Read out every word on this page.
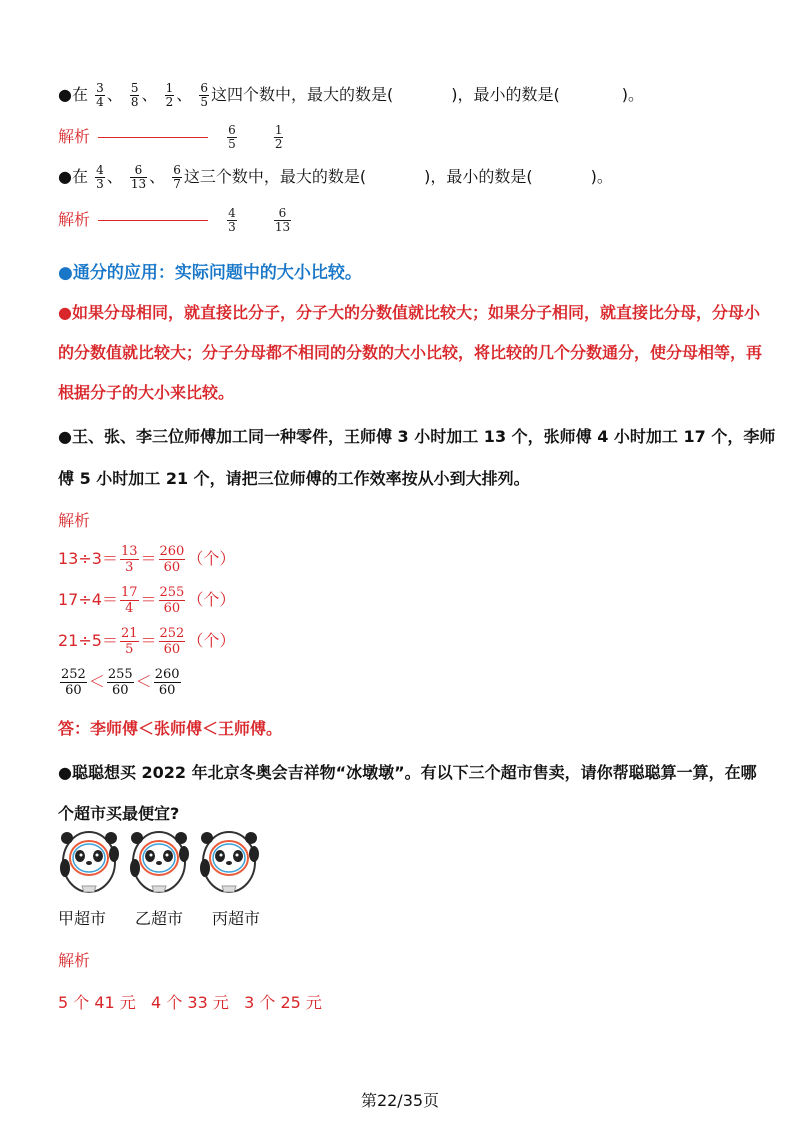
●在 $\frac{3}{4}$ 、 $\frac{5}{8}$ 、 $\frac{1}{2}$ 、 $\frac{6}{5}$ 这四个数中，最大的数是(	)，最小的数是(	)。
解析	$\frac{6}{5}$
	$\frac{1}{2}$
●在 $\frac{4}{3}$ 、 $\frac{6}{13}$ 、 $\frac{6}{7}$ 这三个数中，最大的数是(	)，最小的数是(	)。
解析	$\frac{4}{3}$
	$\frac{6}{13}$
●通分的应用：实际问题中的大小比较。
●如果分母相同，就直接比分子，分子大的分数值就比较大；如果分子相同，就直接比分母，分母小
的分数值就比较大；分子分母都不相同的分数的大小比较，将比较的几个分数通分，使分母相等，再
根据分子的大小来比较。
●王、张、李三位师傅加工同一种零件，王师傅 3 小时加工 13 个，张师傅 4 小时加工 17 个，李师
傅 5 小时加工 21 个，请把三位师傅的工作效率按从小到大排列。
解析
$13\div 3= \frac{13}{3} = \frac{260}{60}$ （个）
$17\div 4= \frac{17}{4} = \frac{255}{60}$ （个）
$21\div 5= \frac{21}{5} = \frac{252}{60}$ （个）
$\frac{252}{60} < \frac{255}{60} < \frac{260}{60}$
答：李师傅＜张师傅＜王师傅。
●聪聪想买 2022 年北京冬奥会吉祥物“冰墩墩”。有以下三个超市售卖，请你帮聪聪算一算，在哪
个超市买最便宜?
甲超市 乙超市 丙超市
解析
5 个 41 元   4 个 33 元   3 个 25 元
第22/35页
